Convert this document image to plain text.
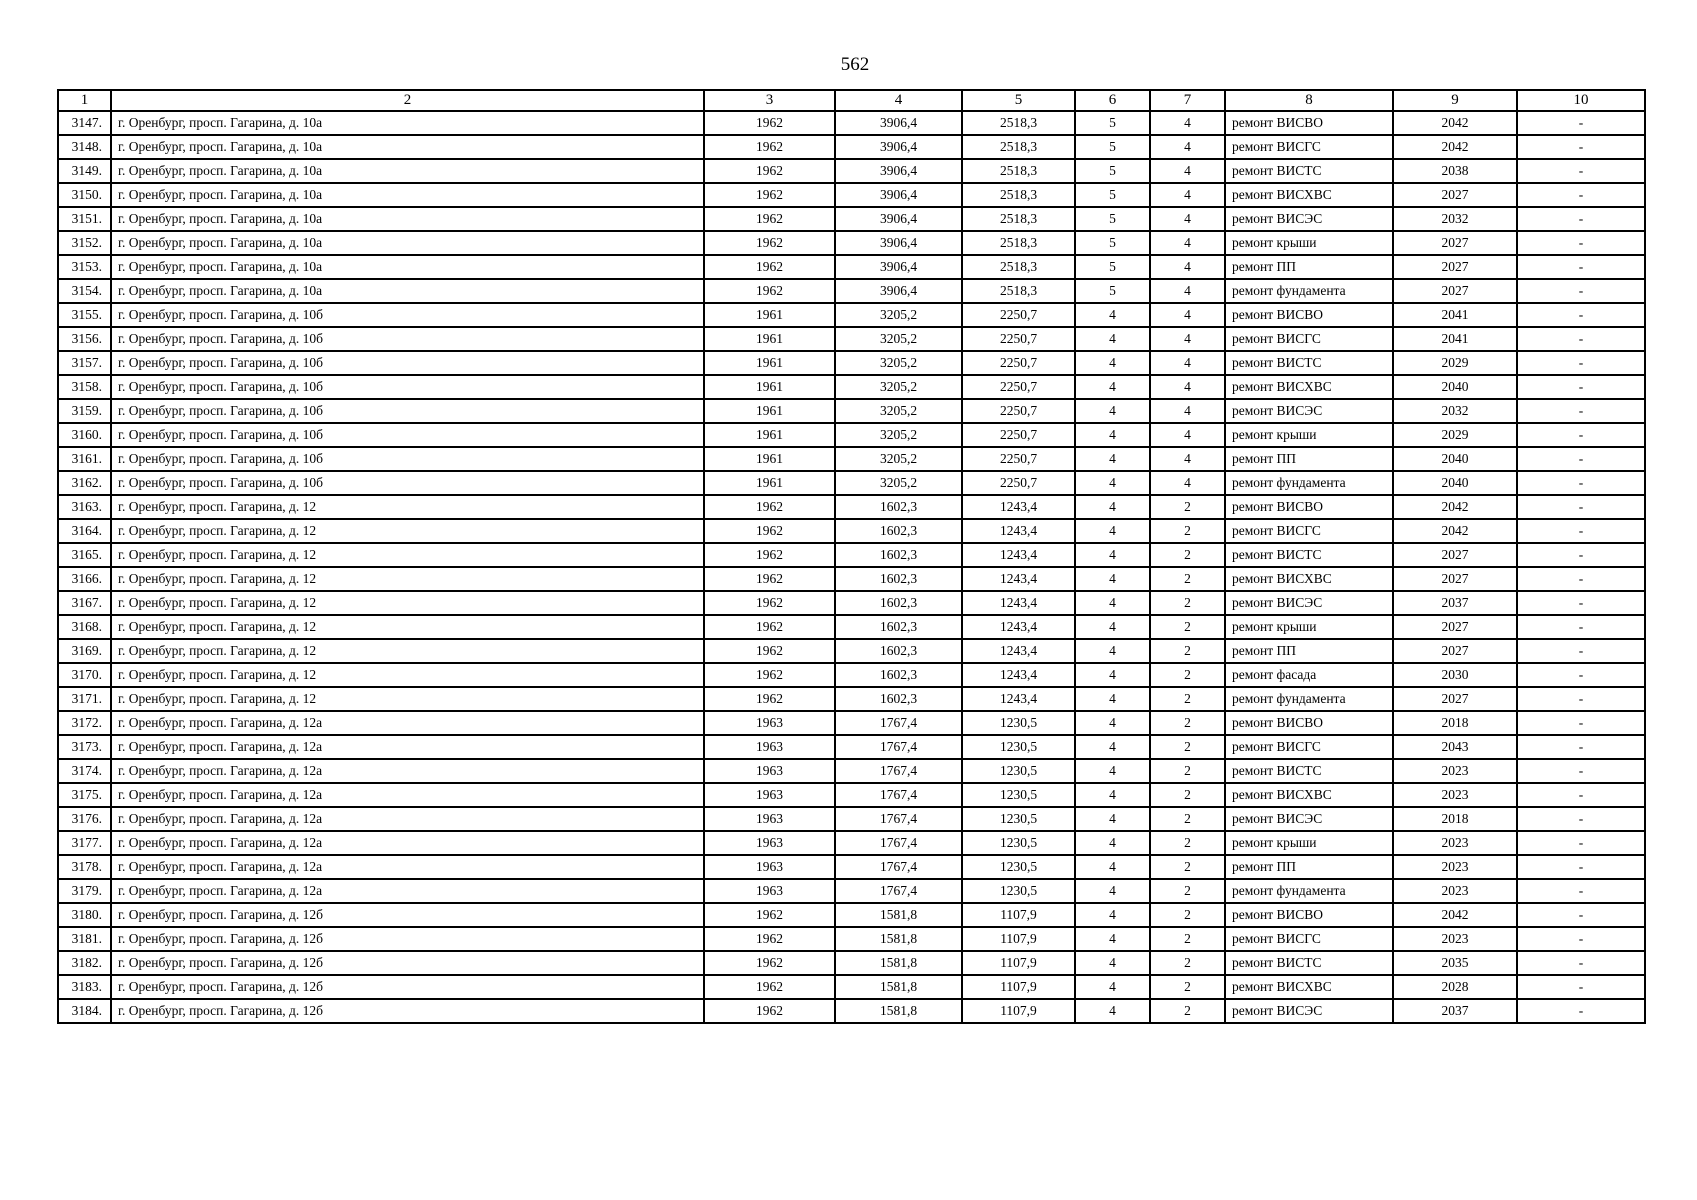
562
1	2	3	4	5	6	7	8	9	10
3147.	г. Оренбург, просп. Гагарина, д. 10а	1962	3906,4	2518,3	5	4	ремонт ВИСВО	2042	-
3148.	г. Оренбург, просп. Гагарина, д. 10а	1962	3906,4	2518,3	5	4	ремонт ВИСГС	2042	-
3149.	г. Оренбург, просп. Гагарина, д. 10а	1962	3906,4	2518,3	5	4	ремонт ВИСТС	2038	-
3150.	г. Оренбург, просп. Гагарина, д. 10а	1962	3906,4	2518,3	5	4	ремонт ВИСХВС	2027	-
3151.	г. Оренбург, просп. Гагарина, д. 10а	1962	3906,4	2518,3	5	4	ремонт ВИСЭС	2032	-
3152.	г. Оренбург, просп. Гагарина, д. 10а	1962	3906,4	2518,3	5	4	ремонт крыши	2027	-
3153.	г. Оренбург, просп. Гагарина, д. 10а	1962	3906,4	2518,3	5	4	ремонт ПП	2027	-
3154.	г. Оренбург, просп. Гагарина, д. 10а	1962	3906,4	2518,3	5	4	ремонт фундамента	2027	-
3155.	г. Оренбург, просп. Гагарина, д. 10б	1961	3205,2	2250,7	4	4	ремонт ВИСВО	2041	-
3156.	г. Оренбург, просп. Гагарина, д. 10б	1961	3205,2	2250,7	4	4	ремонт ВИСГС	2041	-
3157.	г. Оренбург, просп. Гагарина, д. 10б	1961	3205,2	2250,7	4	4	ремонт ВИСТС	2029	-
3158.	г. Оренбург, просп. Гагарина, д. 10б	1961	3205,2	2250,7	4	4	ремонт ВИСХВС	2040	-
3159.	г. Оренбург, просп. Гагарина, д. 10б	1961	3205,2	2250,7	4	4	ремонт ВИСЭС	2032	-
3160.	г. Оренбург, просп. Гагарина, д. 10б	1961	3205,2	2250,7	4	4	ремонт крыши	2029	-
3161.	г. Оренбург, просп. Гагарина, д. 10б	1961	3205,2	2250,7	4	4	ремонт ПП	2040	-
3162.	г. Оренбург, просп. Гагарина, д. 10б	1961	3205,2	2250,7	4	4	ремонт фундамента	2040	-
3163.	г. Оренбург, просп. Гагарина, д. 12	1962	1602,3	1243,4	4	2	ремонт ВИСВО	2042	-
3164.	г. Оренбург, просп. Гагарина, д. 12	1962	1602,3	1243,4	4	2	ремонт ВИСГС	2042	-
3165.	г. Оренбург, просп. Гагарина, д. 12	1962	1602,3	1243,4	4	2	ремонт ВИСТС	2027	-
3166.	г. Оренбург, просп. Гагарина, д. 12	1962	1602,3	1243,4	4	2	ремонт ВИСХВС	2027	-
3167.	г. Оренбург, просп. Гагарина, д. 12	1962	1602,3	1243,4	4	2	ремонт ВИСЭС	2037	-
3168.	г. Оренбург, просп. Гагарина, д. 12	1962	1602,3	1243,4	4	2	ремонт крыши	2027	-
3169.	г. Оренбург, просп. Гагарина, д. 12	1962	1602,3	1243,4	4	2	ремонт ПП	2027	-
3170.	г. Оренбург, просп. Гагарина, д. 12	1962	1602,3	1243,4	4	2	ремонт фасада	2030	-
3171.	г. Оренбург, просп. Гагарина, д. 12	1962	1602,3	1243,4	4	2	ремонт фундамента	2027	-
3172.	г. Оренбург, просп. Гагарина, д. 12а	1963	1767,4	1230,5	4	2	ремонт ВИСВО	2018	-
3173.	г. Оренбург, просп. Гагарина, д. 12а	1963	1767,4	1230,5	4	2	ремонт ВИСГС	2043	-
3174.	г. Оренбург, просп. Гагарина, д. 12а	1963	1767,4	1230,5	4	2	ремонт ВИСТС	2023	-
3175.	г. Оренбург, просп. Гагарина, д. 12а	1963	1767,4	1230,5	4	2	ремонт ВИСХВС	2023	-
3176.	г. Оренбург, просп. Гагарина, д. 12а	1963	1767,4	1230,5	4	2	ремонт ВИСЭС	2018	-
3177.	г. Оренбург, просп. Гагарина, д. 12а	1963	1767,4	1230,5	4	2	ремонт крыши	2023	-
3178.	г. Оренбург, просп. Гагарина, д. 12а	1963	1767,4	1230,5	4	2	ремонт ПП	2023	-
3179.	г. Оренбург, просп. Гагарина, д. 12а	1963	1767,4	1230,5	4	2	ремонт фундамента	2023	-
3180.	г. Оренбург, просп. Гагарина, д. 12б	1962	1581,8	1107,9	4	2	ремонт ВИСВО	2042	-
3181.	г. Оренбург, просп. Гагарина, д. 12б	1962	1581,8	1107,9	4	2	ремонт ВИСГС	2023	-
3182.	г. Оренбург, просп. Гагарина, д. 12б	1962	1581,8	1107,9	4	2	ремонт ВИСТС	2035	-
3183.	г. Оренбург, просп. Гагарина, д. 12б	1962	1581,8	1107,9	4	2	ремонт ВИСХВС	2028	-
3184.	г. Оренбург, просп. Гагарина, д. 12б	1962	1581,8	1107,9	4	2	ремонт ВИСЭС	2037	-
